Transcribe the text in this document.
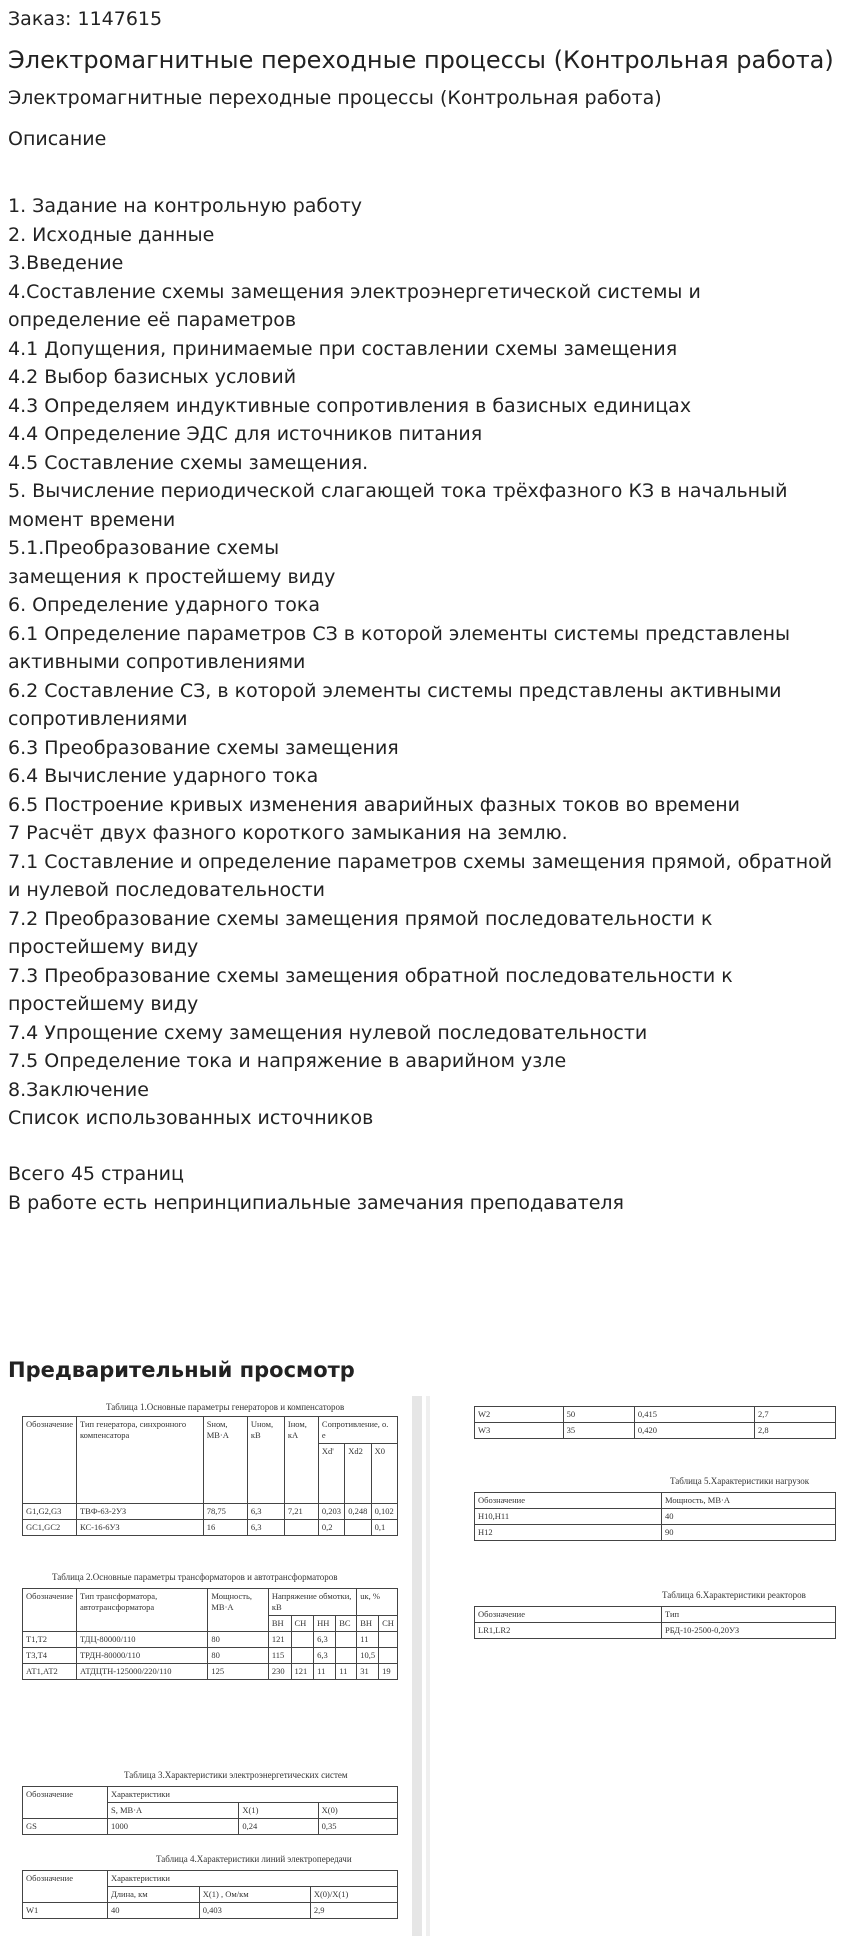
Заказ: 1147615
Электромагнитные переходные процессы (Контрольная работа)
Электромагнитные переходные процессы (Контрольная работа)
Описание
1. Задание на контрольную работу
2. Исходные данные
3.Введение
4.Составление схемы замещения электроэнергетической системы и
определение её параметров
4.1 Допущения, принимаемые при составлении схемы замещения
4.2 Выбор базисных условий
4.3 Определяем индуктивные сопротивления в базисных единицах
4.4 Определение ЭДС для источников питания
4.5 Составление схемы замещения.
5. Вычисление периодической слагающей тока трёхфазного КЗ в начальный
момент времени
5.1.Преобразование схемы
замещения к простейшему виду
6. Определение ударного тока
6.1 Определение параметров СЗ в которой элементы системы представлены
активными сопротивлениями
6.2 Составление СЗ, в которой элементы системы представлены активными
сопротивлениями
6.3 Преобразование схемы замещения
6.4 Вычисление ударного тока
6.5 Построение кривых изменения аварийных фазных токов во времени
7 Расчёт двух фазного короткого замыкания на землю.
7.1 Составление и определение параметров схемы замещения прямой, обратной
и нулевой последовательности
7.2 Преобразование схемы замещения прямой последовательности к
простейшему виду
7.3 Преобразование схемы замещения обратной последовательности к
простейшему виду
7.4 Упрощение схему замещения нулевой последовательности
7.5 Определение тока и напряжение в аварийном узле
8.Заключение
Список использованных источников
Всего 45 страниц
В работе есть непринципиальные замечания преподавателя
Предварительный просмотр
Таблица 1.Основные параметры генераторов и компенсаторов
Обозначение	Тип генератора, синхронного компенсатора	Sном, МВ·А	Uном, кВ	Iном, кА	Сопротивление, о. е		
					Xd'	Xd2	X0
G1,G2,G3	ТВФ-63-2УЗ	78,75	6,3	7,21	0,203	0,248	0,102
GC1,GC2	КС-16-6УЗ	16	6,3		0,2		0,1
Таблица 2.Основные параметры трансформаторов и автотрансформаторов
Обозначение	Тип трансформатора, автотрансформатора	Мощность, МВ·А	Напряжение обмотки, кВ				uк, %	
			ВН	СН	НН	ВС	ВН	СН
Т1,Т2	ТДЦ-80000/110	80	121		6,3		11	
Т3,Т4	ТРДН-80000/110	80	115		6,3		10,5	
АТ1,АТ2	АТДЦТН-125000/220/110	125	230	121	11	11	31	19
Таблица 3.Характеристики электроэнергетических систем
Обозначение	Характеристики		
	S, МВ·А	X(1)	X(0)
GS	1000	0,24	0,35
Таблица 4.Характеристики линий электропередачи
Обозначение	Характеристики		
	Длина, км	X(1) , Ом/км	X(0)/X(1)
W1	40	0,403	2,9
W2	50	0,415	2,7
W3	35	0,420	2,8
Таблица 5.Характеристики нагрузок
Обозначение	Мощность, МВ·А
Н10,Н11	40
Н12	90
Таблица 6.Характеристики реакторов
Обозначение	Тип
LR1,LR2	РБД-10-2500-0,20УЗ
